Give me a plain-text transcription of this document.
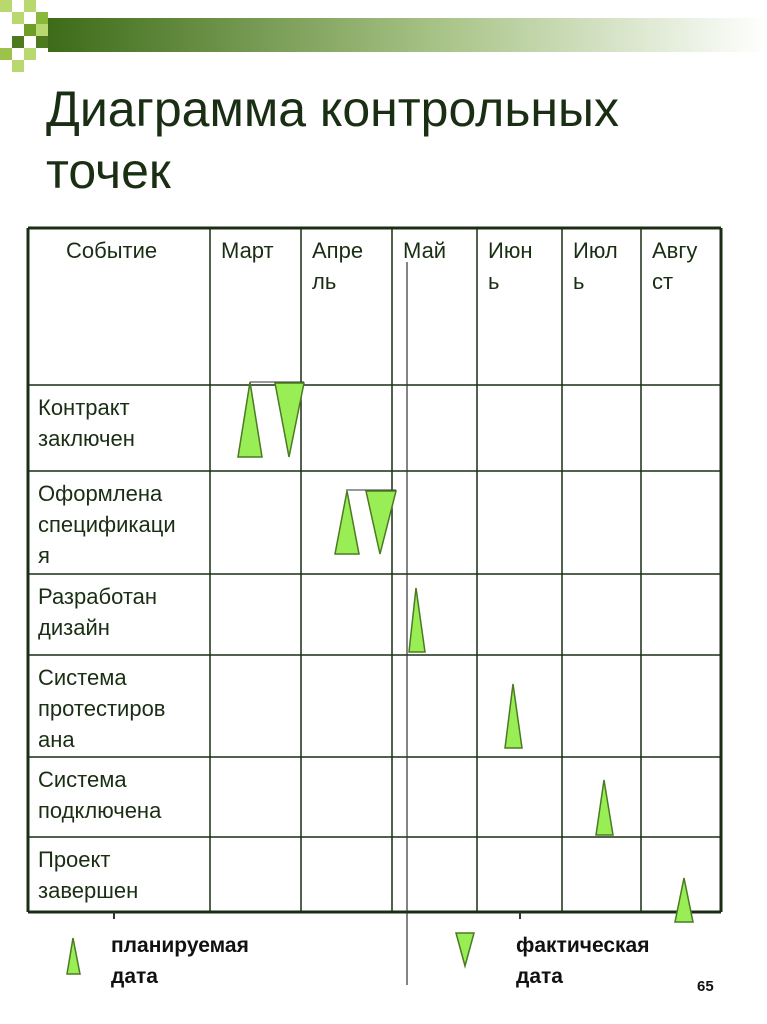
Диаграмма контрольных точек
Событие	Март Апре
ль
Май Июн
ь
Июл
ь
Авгу
ст
Контракт
заключен
Оформлена
спецификаци
я
Разработан
дизайн
Система
протестиров
ана
Система
подключена
Проект
завершен
планируемая
дата
фактическая
дата	65
